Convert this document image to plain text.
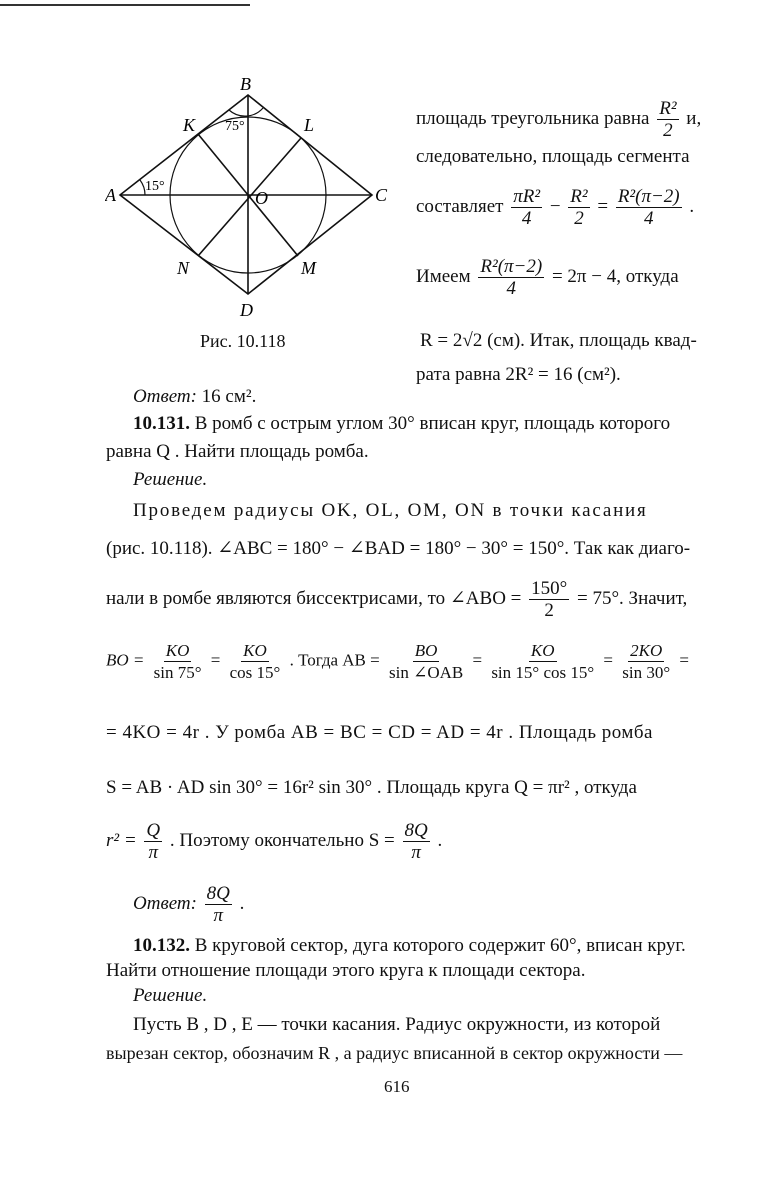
B
K	L
A	C
O
N	M
D
75°
15°
Рис. 10.118
площадь треугольника равна $\frac{\text{R²}}{2} и$,
следовательно, площадь сегмента
составляет $\frac{\text{πR²}}{4} - \frac{\text{R²}}{2} = \frac{\text{R²(π−2)}}{4}$ .
Имеем $\frac{\text{R²(π−2)}}{4} = 2\pi - 4$, откуда
R = 2√2 (см). Итак, площадь квад-
рата равна 2R² = 16 (см²).
Ответ: 16 см².
10.131. В ромб с острым углом 30° вписан круг, площадь которого
равна Q . Найти площадь ромба.
Решение.
Проведем радиусы OK, OL, OM, ON в точки касания
(рис. 10.118). ∠ABC = 180° − ∠BAD = 180° − 30° = 150°. Так как диаго-
нали в ромбе являются биссектрисами, то ∠ABO = $\frac{150^\circ}{2} = 75^\circ$. Значит,
BO = $\frac{KO}{\sin 75^\circ} = \frac{KO}{\cos 15^\circ}$ . Тогда AB = $\frac{BO}{\text{sin ∠OAB}} = \frac{KO}{\sin 15^\circ \cos 15^\circ} = \frac{2KO}{\sin 30^\circ}$ =
= 4KO = 4r . У ромба AB = BC = CD = AD = 4r . Площадь ромба
S = AB · AD sin 30° = 16r² sin 30° . Площадь круга Q = πr² , откуда
$r^2 = \frac{Q}{\pi}$ . Поэтому окончательно $S = \frac{8Q}{\pi}$ .
Ответ: $\frac{8Q}{\pi}$ .
10.132. В круговой сектор, дуга которого содержит 60°, вписан круг.
Найти отношение площади этого круга к площади сектора.
Решение.
Пусть B , D , E — точки касания. Радиус окружности, из которой
вырезан сектор, обозначим R , а радиус вписанной в сектор окружности —
616
